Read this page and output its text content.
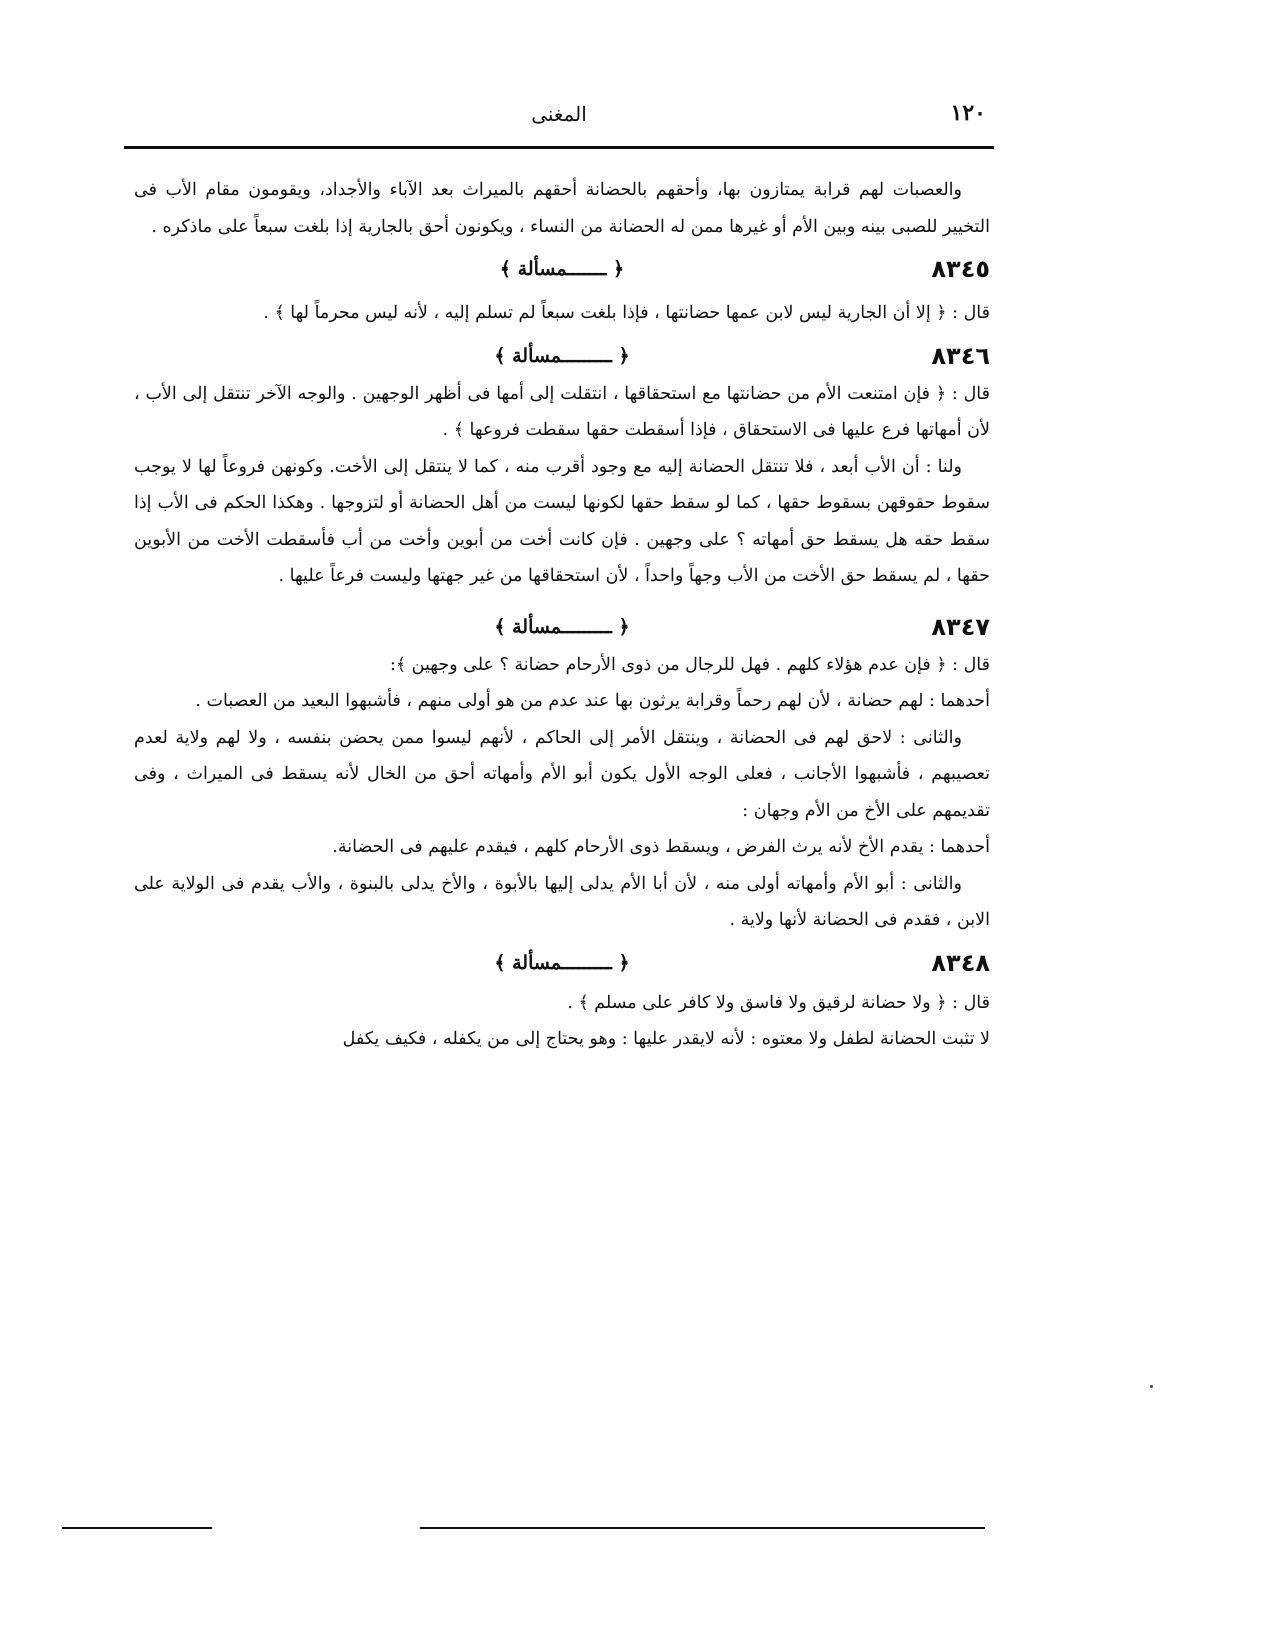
١٢٠
المغنى

والعصبات لهم قرابة يمتازون بها، وأحقهم بالحضانة أحقهم بالميراث بعد الآباء والأجداد، ويقومون مقام الأب فى التخيير للصبى بينه وبين الأم أو غيرها ممن له الحضانة من النساء ، ويكونون أحق بالجارية إذا بلغت سبعاً على ماذكره .

٨٣٤٥
﴿ ـــــــمسألة ﴾

قال : ﴿ إلا أن الجارية ليس لابن عمها حضانتها ، فإذا بلغت سبعاً لم تسلم إليه ، لأنه ليس محرماً لها ﴾ .

٨٣٤٦
﴿ ـــــــــمسألة ﴾

قال : ﴿ فإن امتنعت الأم من حضانتها مع استحقاقها ، انتقلت إلى أمها فى أظهر الوجهين . والوجه الآخر تنتقل إلى الأب ، لأن أمهاتها فرع عليها فى الاستحقاق ، فإذا أسقطت حقها سقطت فروعها ﴾ .

ولنا : أن الأب أبعد ، فلا تنتقل الحضانة إليه مع وجود أقرب منه ، كما لا ينتقل إلى الأخت. وكونهن فروعاً لها لا يوجب سقوط حقوقهن بسقوط حقها ، كما لو سقط حقها لكونها ليست من أهل الحضانة أو لتزوجها . وهكذا الحكم فى الأب إذا سقط حقه هل يسقط حق أمهاته ؟ على وجهين . فإن كانت أخت من أبوين وأخت من أب فأسقطت الأخت من الأبوين حقها ، لم يسقط حق الأخت من الأب وجهاً واحداً ، لأن استحقاقها من غير جهتها وليست فرعاً عليها .

٨٣٤٧
﴿ ـــــــــمسألة ﴾

قال : ﴿ فإن عدم هؤلاء كلهم . فهل للرجال من ذوى الأرحام حضانة ؟ على وجهين ﴾:

أحدهما : لهم حضانة ، لأن لهم رحماً وقرابة يرثون بها عند عدم من هو أولى منهم ، فأشبهوا البعيد من العصبات .

والثانى : لاحق لهم فى الحضانة ، وينتقل الأمر إلى الحاكم ، لأنهم ليسوا ممن يحضن بنفسه ، ولا لهم ولاية لعدم تعصيبهم ، فأشبهوا الأجانب ، فعلى الوجه الأول يكون أبو الأم وأمهاته أحق من الخال لأنه يسقط فى الميراث ، وفى تقديمهم على الأخ من الأم وجهان :

أحدهما : يقدم الأخ لأنه يرث الفرض ، ويسقط ذوى الأرحام كلهم ، فيقدم عليهم فى الحضانة.

والثانى : أبو الأم وأمهاته أولى منه ، لأن أبا الأم يدلى إليها بالأبوة ، والأخ يدلى بالبنوة ، والأب يقدم فى الولاية على الابن ، فقدم فى الحضانة لأنها ولاية .

٨٣٤٨
﴿ ـــــــــمسألة ﴾

قال : ﴿ ولا حضانة لرقيق ولا فاسق ولا كافر على مسلم ﴾ .

لا تثبت الحضانة لطفل ولا معتوه : لأنه لايقدر عليها : وهو يحتاج إلى من يكفله ، فكيف يكفل
